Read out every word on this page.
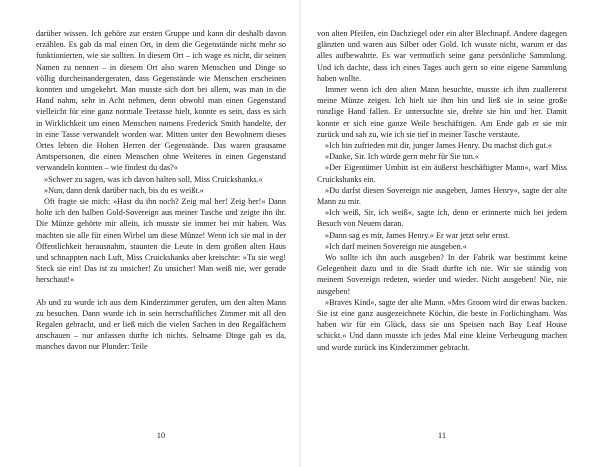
darüber wissen. Ich gehöre zur ersten Gruppe und kann dir deshalb davon erzählen. Es gab da mal einen Ort, in dem die Gegenstände nicht mehr so funktionierten, wie sie sollten. In diesem Ort – ich wage es nicht, dir seinen Namen zu nennen – in diesem Ort also waren Menschen und Dinge so völlig durcheinandergeraten, dass Gegenstände wie Menschen erscheinen konnten und umgekehrt. Man musste sich dort bei allem, was man in die Hand nahm, sehr in Acht nehmen, denn obwohl man einen Gegenstand vielleicht für eine ganz normale Teetasse hielt, konnte es sein, dass es sich in Wirklichkeit um einen Menschen namens Frederick Smith handelte, der in eine Tasse verwandelt worden war. Mitten unter den Bewohnern dieses Ortes lebten die Hohen Herren der Gegenstände. Das waren grausame Amtspersonen, die einen Menschen ohne Weiteres in einen Gegenstand verwandeln konnten – wie findest du das?«

»Schwer zu sagen, was ich davon halten soll, Miss Cruickshanks.«

»Nun, dann denk darüber nach, bis du es weißt.«

Oft fragte sie mich: »Hast du ihn noch? Zeig mal her! Zeig her!« Dann holte ich den halben Gold-Sovereign aus meiner Tasche und zeigte ihn ihr. Die Münze gehörte mir allein, ich musste sie immer bei mir haben. Was machten sie alle für einen Wirbel um diese Münze! Wenn ich sie mal in der Öffentlichkeit herausnahm, staunten die Leute in dem großen alten Haus und schnappten nach Luft, Miss Cruickshanks aber kreischte: »Tu sie weg! Steck sie ein! Das ist zu unsicher! Zu unsicher! Man weiß nie, wer gerade herschaut!«

Ab und zu wurde ich aus dem Kinderzimmer gerufen, um den alten Mann zu besuchen. Dann wurde ich in sein herrschaftliches Zimmer mit all den Regalen gebracht, und er ließ mich die vielen Sachen in den Regalfächern anschauen – nur anfassen durfte ich nichts. Seltsame Dinge gab es da, manches davon nur Plunder: Teile

von alten Pfeifen, ein Dachziegel oder ein alter Blechnapf. Andere dagegen glänzten und waren aus Silber oder Gold. Ich wusste nicht, warum er das alles aufbewahrte. Es war vermutlich seine ganz persönliche Sammlung. Und ich dachte, dass ich eines Tages auch gern so eine eigene Sammlung haben wollte.

Immer wenn ich den alten Mann besuchte, musste ich ihm zuallererst meine Münze zeigen. Ich hielt sie ihm hin und ließ sie in seine große runzlige Hand fallen. Er untersuchte sie, drehte sie hin und her. Damit konnte er sich eine ganze Weile beschäftigen. Am Ende gab er sie mir zurück und sah zu, wie ich sie tief in meiner Tasche verstaute.

»Ich bin zufrieden mit dir, junger James Henry. Du machst dich gut.«

»Danke, Sir. Ich würde gern mehr für Sie tun.«

»Der Eigentümer Umbitt ist ein äußerst beschäftigter Mann«, warf Miss Cruickshanks ein.

»Du darfst diesen Sovereign nie ausgeben, James Henry«, sagte der alte Mann zu mir.

»Ich weiß, Sir, ich weiß«, sagte ich, denn er erinnerte mich bei jedem Besuch von Neuem daran.

»Dann sag es mir, James Henry.« Er war jetzt sehr ernst.

»Ich darf meinen Sovereign nie ausgeben.«

Wo sollte ich ihn auch ausgeben? In der Fabrik war bestimmt keine Gelegenheit dazu und in die Stadt durfte ich nie. Wir sie ständig von meinem Sovereign redeten, wieder und wieder. Nicht ausgeben! Nie, nie ausgeben!

»Braves Kind«, sagte der alte Mann. »Mrs Groom wird dir etwas backen. Sie ist eine ganz ausgezeichnete Köchin, die beste in Forlichingham. Was haben wir für ein Glück, dass sie uns Speisen nach Bay Leaf House schickt.« Und dann musste ich jedes Mal eine kleine Verbeugung machen und wurde zurück ins Kinderzimmer gebracht.

10	11
